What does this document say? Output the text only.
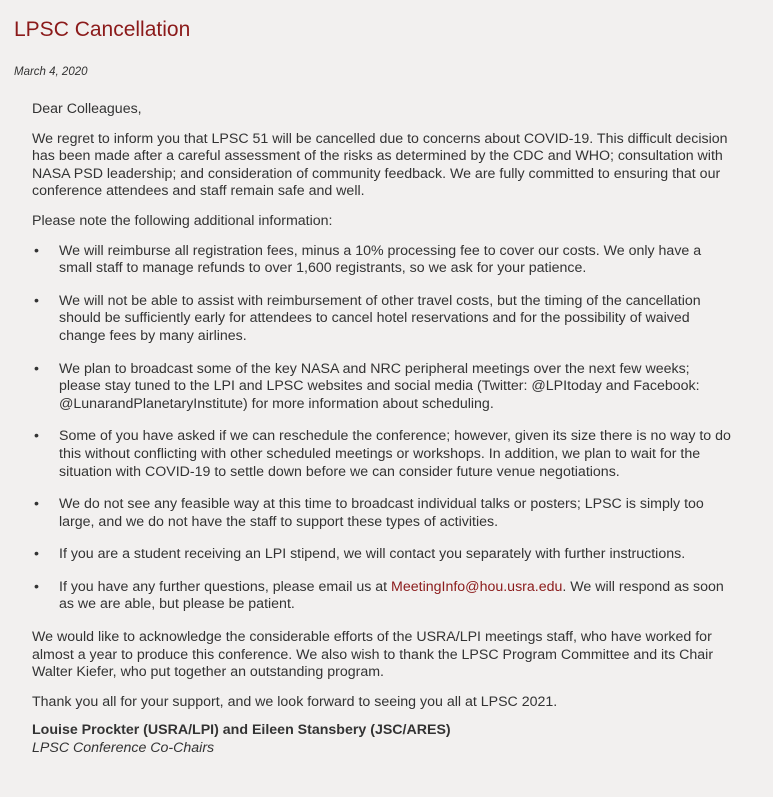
LPSC Cancellation
March 4, 2020

Dear Colleagues,

We regret to inform you that LPSC 51 will be cancelled due to concerns about COVID-19. This difficult decision has been made after a careful assessment of the risks as determined by the CDC and WHO; consultation with NASA PSD leadership; and consideration of community feedback. We are fully committed to ensuring that our conference attendees and staff remain safe and well.

Please note the following additional information:

• We will reimburse all registration fees, minus a 10% processing fee to cover our costs. We only have a small staff to manage refunds to over 1,600 registrants, so we ask for your patience.
• We will not be able to assist with reimbursement of other travel costs, but the timing of the cancellation should be sufficiently early for attendees to cancel hotel reservations and for the possibility of waived change fees by many airlines.
• We plan to broadcast some of the key NASA and NRC peripheral meetings over the next few weeks; please stay tuned to the LPI and LPSC websites and social media (Twitter: @LPItoday and Facebook: @LunarandPlanetaryInstitute) for more information about scheduling.
• Some of you have asked if we can reschedule the conference; however, given its size there is no way to do this without conflicting with other scheduled meetings or workshops. In addition, we plan to wait for the situation with COVID-19 to settle down before we can consider future venue negotiations.
• We do not see any feasible way at this time to broadcast individual talks or posters; LPSC is simply too large, and we do not have the staff to support these types of activities.
• If you are a student receiving an LPI stipend, we will contact you separately with further instructions.
• If you have any further questions, please email us at MeetingInfo@hou.usra.edu. We will respond as soon as we are able, but please be patient.

We would like to acknowledge the considerable efforts of the USRA/LPI meetings staff, who have worked for almost a year to produce this conference. We also wish to thank the LPSC Program Committee and its Chair Walter Kiefer, who put together an outstanding program.

Thank you all for your support, and we look forward to seeing you all at LPSC 2021.

Louise Prockter (USRA/LPI) and Eileen Stansbery (JSC/ARES)
LPSC Conference Co-Chairs
